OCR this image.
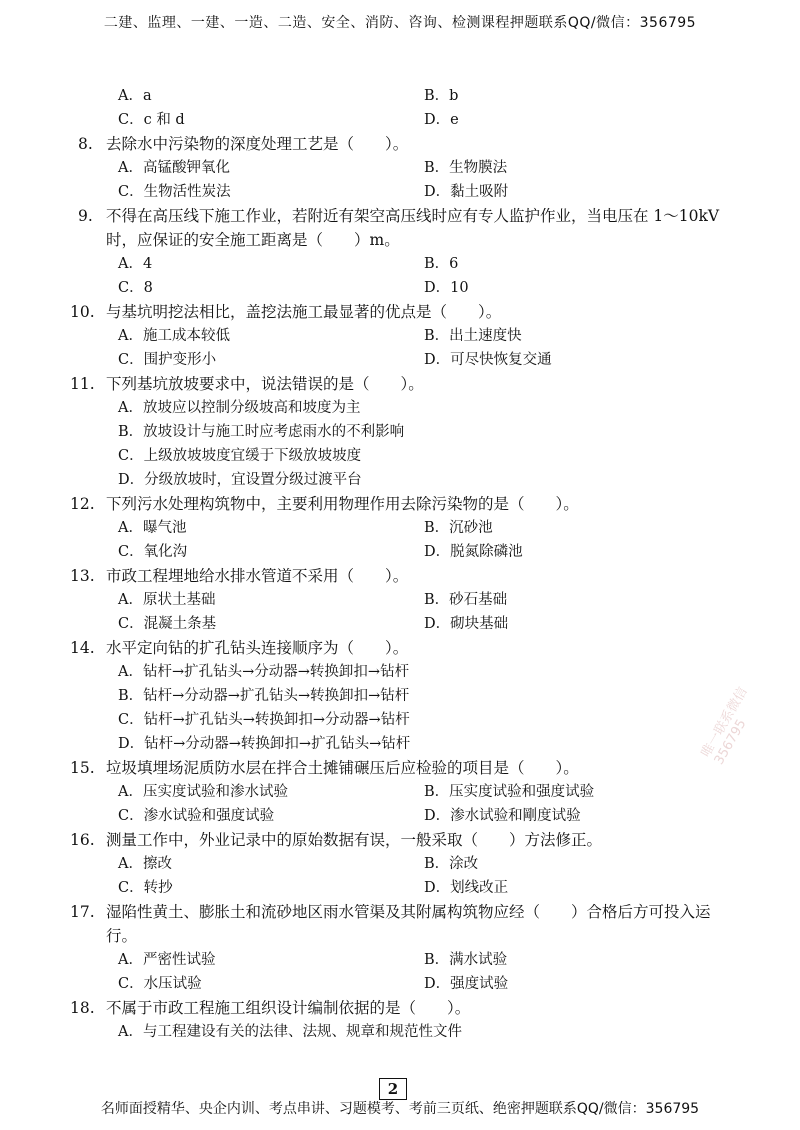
二建、监理、一建、一造、二造、安全、消防、咨询、检测课程押题联系QQ/微信：356795
A．a	B．b
C．c 和 d	D．e
8. 去除水中污染物的深度处理工艺是（　　）。
A．高锰酸钾氧化	B．生物膜法
C．生物活性炭法	D．黏土吸附
9. 不得在高压线下施工作业，若附近有架空高压线时应有专人监护作业，当电压在 1～10kV 时，应保证的安全施工距离是（　　）m。
A．4	B．6
C．8	D．10
10. 与基坑明挖法相比，盖挖法施工最显著的优点是（　　）。
A．施工成本较低	B．出土速度快
C．围护变形小	D．可尽快恢复交通
11. 下列基坑放坡要求中，说法错误的是（　　）。
A．放坡应以控制分级坡高和坡度为主
B．放坡设计与施工时应考虑雨水的不利影响
C．上级放坡坡度宜缓于下级放坡坡度
D．分级放坡时，宜设置分级过渡平台
12. 下列污水处理构筑物中，主要利用物理作用去除污染物的是（　　）。
A．曝气池	B．沉砂池
C．氧化沟	D．脱氮除磷池
13. 市政工程埋地给水排水管道不采用（　　）。
A．原状土基础	B．砂石基础
C．混凝土条基	D．砌块基础
14. 水平定向钻的扩孔钻头连接顺序为（　　）。
A．钻杆→扩孔钻头→分动器→转换卸扣→钻杆
B．钻杆→分动器→扩孔钻头→转换卸扣→钻杆
C．钻杆→扩孔钻头→转换卸扣→分动器→钻杆
D．钻杆→分动器→转换卸扣→扩孔钻头→钻杆
15. 垃圾填埋场泥质防水层在拌合土摊铺碾压后应检验的项目是（　　）。
A．压实度试验和渗水试验	B．压实度试验和强度试验
C．渗水试验和强度试验	D．渗水试验和剛度试验
16. 测量工作中，外业记录中的原始数据有误，一般采取（　　）方法修正。
A．擦改	B．涂改
C．转抄	D．划线改正
17. 湿陷性黄土、膨胀土和流砂地区雨水管渠及其附属构筑物应经（　　）合格后方可投入运行。
A．严密性试验	B．满水试验
C．水压试验	D．强度试验
18. 不属于市政工程施工组织设计编制依据的是（　　）。
A．与工程建设有关的法律、法规、规章和规范性文件
唯一联系微信356795
2
名师面授精华、央企内训、考点串讲、习题模考、考前三页纸、绝密押题联系QQ/微信：356795
